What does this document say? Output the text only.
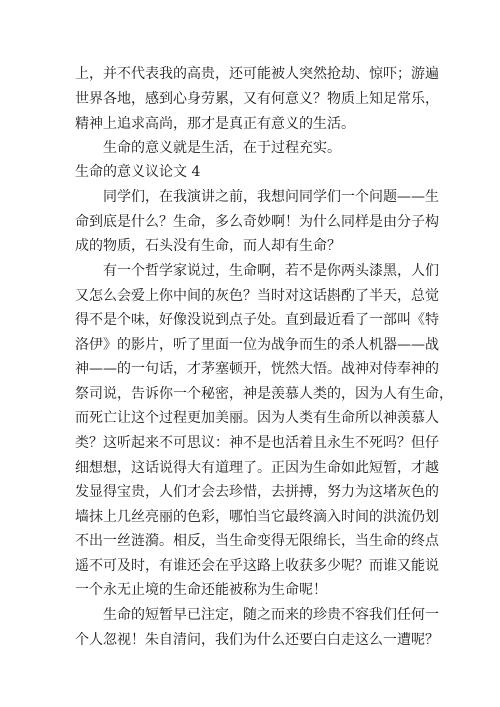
上，并不代表我的高贵，还可能被人突然抢劫、惊吓；游遍
世界各地，感到心身劳累，又有何意义？物质上知足常乐，
精神上追求高尚，那才是真正有意义的生活。
生命的意义就是生活，在于过程充实。
生命的意义议论文 4
同学们，在我演讲之前，我想问同学们一个问题——生
命到底是什么？生命，多么奇妙啊！为什么同样是由分子构
成的物质，石头没有生命，而人却有生命？
有一个哲学家说过，生命啊，若不是你两头漆黑，人们
又怎么会爱上你中间的灰色？当时对这话斟酌了半天，总觉
得不是个味，好像没说到点子处。直到最近看了一部叫《特
洛伊》的影片，听了里面一位为战争而生的杀人机器——战
神——的一句话，才茅塞顿开，恍然大悟。战神对侍奉神的
祭司说，告诉你一个秘密，神是羡慕人类的，因为人有生命，
而死亡让这个过程更加美丽。因为人类有生命所以神羡慕人
类？这听起来不可思议：神不是也活着且永生不死吗？但仔
细想想，这话说得大有道理了。正因为生命如此短暂，才越
发显得宝贵，人们才会去珍惜，去拼搏，努力为这堵灰色的
墙抹上几丝亮丽的色彩，哪怕当它最终滴入时间的洪流仍划
不出一丝涟漪。相反，当生命变得无限绵长，当生命的终点
遥不可及时，有谁还会在乎这路上收获多少呢？而谁又能说
一个永无止境的生命还能被称为生命呢！
生命的短暂早已注定，随之而来的珍贵不容我们任何一
个人忽视！朱自清问，我们为什么还要白白走这么一遭呢？
